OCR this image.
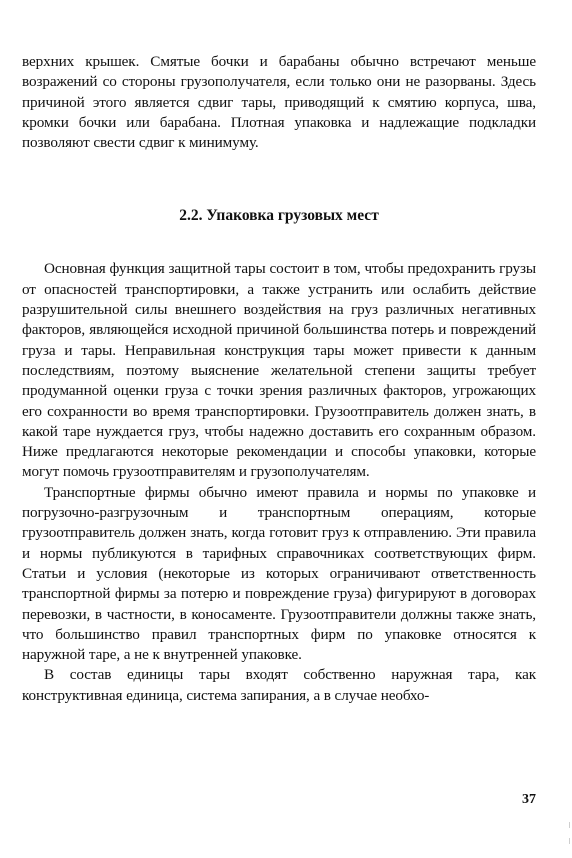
верхних крышек. Смятые бочки и барабаны обычно встречают меньше возражений со стороны грузополучателя, если только они не разорваны. Здесь причиной этого является сдвиг тары, приводящий к смятию корпуса, шва, кромки бочки или барабана. Плотная упаковка и надлежащие подкладки позволяют свести сдвиг к минимуму.

2.2. Упаковка грузовых мест

Основная функция защитной тары состоит в том, чтобы предохранить грузы от опасностей транспортировки, а также устранить или ослабить действие разрушительной силы внешнего воздействия на груз различных негативных факторов, являющейся исходной причиной большинства потерь и повреждений груза и тары. Неправильная конструкция тары может привести к данным последствиям, поэтому выяснение желательной степени защиты требует продуманной оценки груза с точки зрения различных факторов, угрожающих его сохранности во время транспортировки. Грузоотправитель должен знать, в какой таре нуждается груз, чтобы надежно доставить его сохранным образом. Ниже предлагаются некоторые рекомендации и способы упаковки, которые могут помочь грузоотправителям и грузополучателям.

Транспортные фирмы обычно имеют правила и нормы по упаковке и погрузочно-разгрузочным и транспортным операциям, которые грузоотправитель должен знать, когда готовит груз к отправлению. Эти правила и нормы публикуются в тарифных справочниках соответствующих фирм. Статьи и условия (некоторые из которых ограничивают ответственность транспортной фирмы за потерю и повреждение груза) фигурируют в договорах перевозки, в частности, в коносаменте. Грузоотправители должны также знать, что большинство правил транспортных фирм по упаковке относятся к наружной таре, а не к внутренней упаковке.

В состав единицы тары входят собственно наружная тара, как конструктивная единица, система запирания, а в случае необхо-

37
